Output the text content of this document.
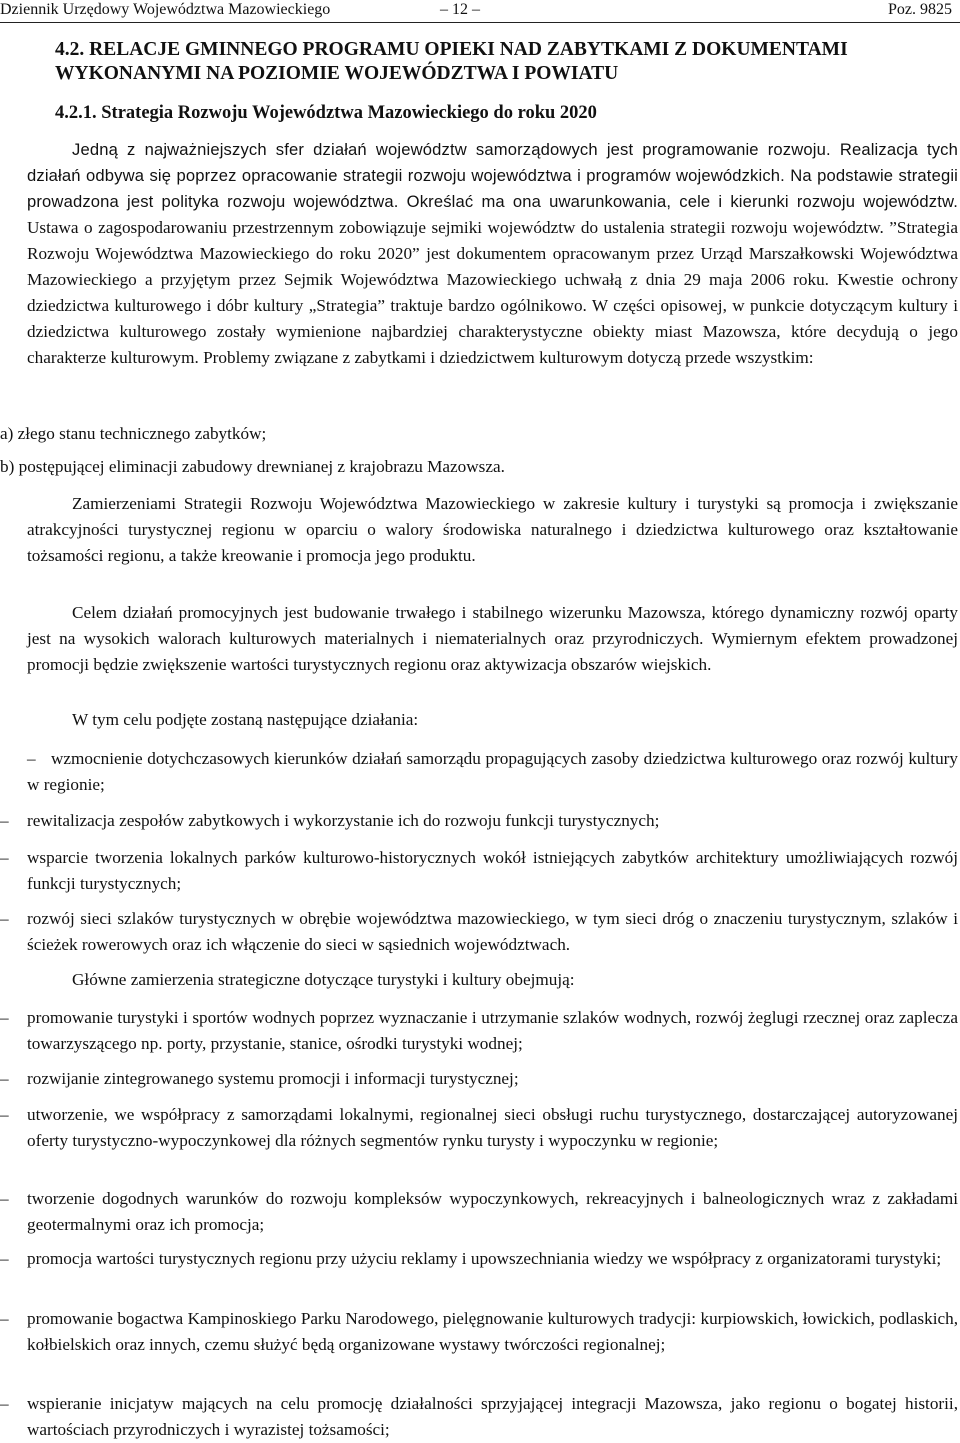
Dziennik Urzędowy Województwa Mazowieckiego	– 12 –	Poz. 9825
4.2. RELACJE GMINNEGO PROGRAMU OPIEKI NAD ZABYTKAMI Z DOKUMENTAMI
WYKONANYMI NA POZIOMIE WOJEWÓDZTWA I POWIATU
4.2.1. Strategia Rozwoju Województwa Mazowieckiego do roku 2020

Jedną z najważniejszych sfer działań województw samorządowych jest programowanie rozwoju. Realizacja tych działań odbywa się poprzez opracowanie strategii rozwoju województwa i programów wojewódzkich. Na podstawie strategii prowadzona jest polityka rozwoju województwa. Określać ma ona uwarunkowania, cele i kierunki rozwoju województw. Ustawa o zagospodarowaniu przestrzennym zobowiązuje sejmiki województw do ustalenia strategii rozwoju województw. ”Strategia Rozwoju Województwa Mazowieckiego do roku 2020” jest dokumentem opracowanym przez Urząd Marszałkowski Województwa Mazowieckiego a przyjętym przez Sejmik Województwa Mazowieckiego uchwałą z dnia 29 maja 2006 roku. Kwestie ochrony dziedzictwa kulturowego i dóbr kultury „Strategia” traktuje bardzo ogólnikowo. W części opisowej, w punkcie dotyczącym kultury i dziedzictwa kulturowego zostały wymienione najbardziej charakterystyczne obiekty miast Mazowsza, które decydują o jego charakterze kulturowym. Problemy związane z zabytkami i dziedzictwem kulturowym dotyczą przede wszystkim:

a) złego stanu technicznego zabytków;
b) postępującej eliminacji zabudowy drewnianej z krajobrazu Mazowsza.

Zamierzeniami Strategii Rozwoju Województwa Mazowieckiego w zakresie kultury i turystyki są promocja i zwiększanie atrakcyjności turystycznej regionu w oparciu o walory środowiska naturalnego i dziedzictwa kulturowego oraz kształtowanie tożsamości regionu, a także kreowanie i promocja jego produktu.

Celem działań promocyjnych jest budowanie trwałego i stabilnego wizerunku Mazowsza, którego dynamiczny rozwój oparty jest na wysokich walorach kulturowych materialnych i niematerialnych oraz przyrodniczych. Wymiernym efektem prowadzonej promocji będzie zwiększenie wartości turystycznych regionu oraz aktywizacja obszarów wiejskich.

W tym celu podjęte zostaną następujące działania:

– wzmocnienie dotychczasowych kierunków działań samorządu propagujących zasoby dziedzictwa kulturowego oraz rozwój kultury w regionie;
–	rewitalizacja zespołów zabytkowych i wykorzystanie ich do rozwoju funkcji turystycznych;
–	wsparcie tworzenia lokalnych parków kulturowo-historycznych wokół istniejących zabytków architektury umożliwiających rozwój funkcji turystycznych;
–	rozwój sieci szlaków turystycznych w obrębie województwa mazowieckiego, w tym sieci dróg o znaczeniu turystycznym, szlaków i ścieżek rowerowych oraz ich włączenie do sieci w sąsiednich województwach.

Główne zamierzenia strategiczne dotyczące turystyki i kultury obejmują:

–	promowanie turystyki i sportów wodnych poprzez wyznaczanie i utrzymanie szlaków wodnych, rozwój żeglugi rzecznej oraz zaplecza towarzyszącego np. porty, przystanie, stanice, ośrodki turystyki wodnej;
–	rozwijanie zintegrowanego systemu promocji i informacji turystycznej;
–	utworzenie, we współpracy z samorządami lokalnymi, regionalnej sieci obsługi ruchu turystycznego, dostarczającej autoryzowanej oferty turystyczno-wypoczynkowej dla różnych segmentów rynku turysty i wypoczynku w regionie;
–	tworzenie dogodnych warunków do rozwoju kompleksów wypoczynkowych, rekreacyjnych i balneologicznych wraz z zakładami geotermalnymi oraz ich promocja;
–	promocja wartości turystycznych regionu przy użyciu reklamy i upowszechniania wiedzy we współpracy z organizatorami turystyki;
–	promowanie bogactwa Kampinoskiego Parku Narodowego, pielęgnowanie kulturowych tradycji: kurpiowskich, łowickich, podlaskich, kołbielskich oraz innych, czemu służyć będą organizowane wystawy twórczości regionalnej;
–	wspieranie inicjatyw mających na celu promocję działalności sprzyjającej integracji Mazowsza, jako regionu o bogatej historii, wartościach przyrodniczych i wyrazistej tożsamości;
